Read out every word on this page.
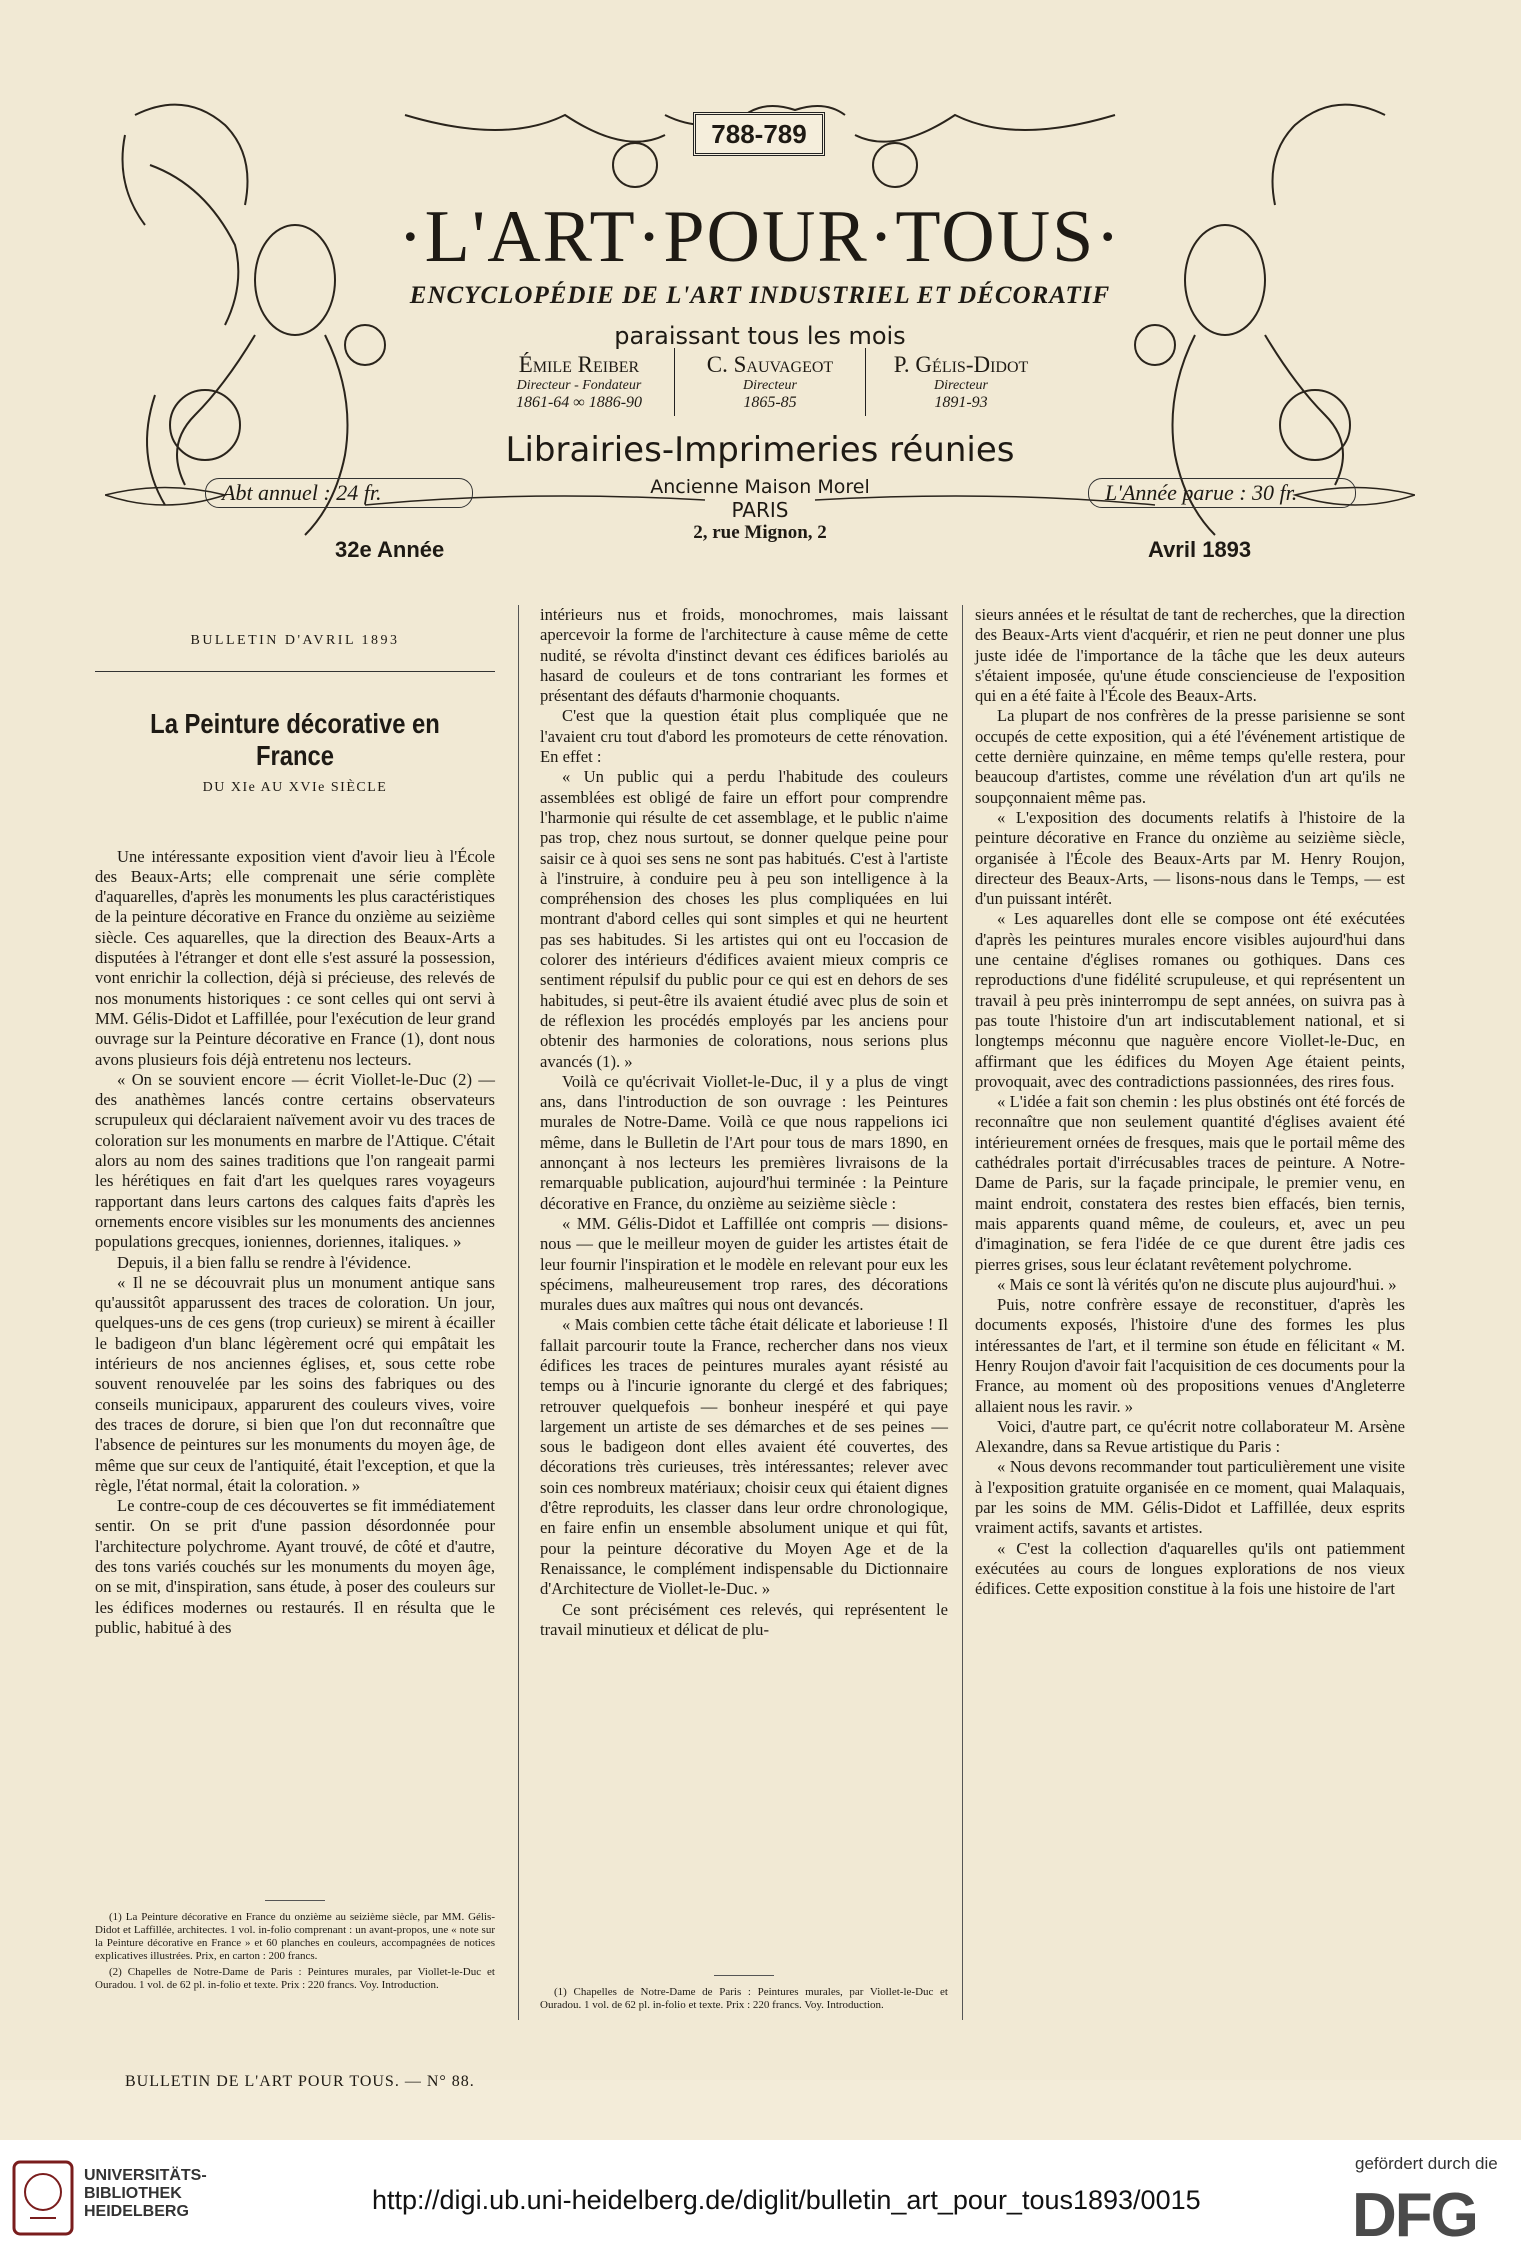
788-789
·L'ART·POUR·TOUS·
ENCYCLOPÉDIE DE L'ART INDUSTRIEL ET DÉCORATIF
paraissant tous les mois
Émile Reiber
Directeur - Fondateur
1861-64 ∞ 1886-90
C. Sauvageot
Directeur
1865-85
P. Gélis-Didot
Directeur
1891-93
Librairies-Imprimeries réunies
Ancienne Maison Morel
PARIS
2, rue Mignon, 2
Abt annuel : 24 fr.	L'Année parue : 30 fr.
32e Année	Avril 1893
BULLETIN D'AVRIL 1893
La Peinture décorative en France
DU XIe AU XVIe SIÈCLE

Une intéressante exposition vient d'avoir lieu à l'École des Beaux-Arts; elle comprenait une série complète d'aquarelles, d'après les monuments les plus caractéristiques de la peinture décorative en France du onzième au seizième siècle. Ces aquarelles, que la direction des Beaux-Arts a disputées à l'étranger et dont elle s'est assuré la possession, vont enrichir la collection, déjà si précieuse, des relevés de nos monuments historiques : ce sont celles qui ont servi à MM. Gélis-Didot et Laffillée, pour l'exécution de leur grand ouvrage sur la Peinture décorative en France (1), dont nous avons plusieurs fois déjà entretenu nos lecteurs.

« On se souvient encore — écrit Viollet-le-Duc (2) — des anathèmes lancés contre certains observateurs scrupuleux qui déclaraient naïvement avoir vu des traces de coloration sur les monuments en marbre de l'Attique. C'était alors au nom des saines traditions que l'on rangeait parmi les hérétiques en fait d'art les quelques rares voyageurs rapportant dans leurs cartons des calques faits d'après les ornements encore visibles sur les monuments des anciennes populations grecques, ioniennes, doriennes, italiques. »

Depuis, il a bien fallu se rendre à l'évidence.

« Il ne se découvrait plus un monument antique sans qu'aussitôt apparussent des traces de coloration. Un jour, quelques-uns de ces gens (trop curieux) se mirent à écailler le badigeon d'un blanc légèrement ocré qui empâtait les intérieurs de nos anciennes églises, et, sous cette robe souvent renouvelée par les soins des fabriques ou des conseils municipaux, apparurent des couleurs vives, voire des traces de dorure, si bien que l'on dut reconnaître que l'absence de peintures sur les monuments du moyen âge, de même que sur ceux de l'antiquité, était l'exception, et que la règle, l'état normal, était la coloration. »

Le contre-coup de ces découvertes se fit immédiatement sentir. On se prit d'une passion désordonnée pour l'architecture polychrome. Ayant trouvé, de côté et d'autre, des tons variés couchés sur les monuments du moyen âge, on se mit, d'inspiration, sans étude, à poser des couleurs sur les édifices modernes ou restaurés. Il en résulta que le public, habitué à des

(1) La Peinture décorative en France du onzième au seizième siècle, par MM. Gélis-Didot et Laffillée, architectes. 1 vol. in-folio comprenant : un avant-propos, une « note sur la Peinture décorative en France » et 60 planches en couleurs, accompagnées de notices explicatives illustrées. Prix, en carton : 200 francs.

(2) Chapelles de Notre-Dame de Paris : Peintures murales, par Viollet-le-Duc et Ouradou. 1 vol. de 62 pl. in-folio et texte. Prix : 220 francs. Voy. Introduction.

intérieurs nus et froids, monochromes, mais laissant apercevoir la forme de l'architecture à cause même de cette nudité, se révolta d'instinct devant ces édifices bariolés au hasard de couleurs et de tons contrariant les formes et présentant des défauts d'harmonie choquants.

C'est que la question était plus compliquée que ne l'avaient cru tout d'abord les promoteurs de cette rénovation. En effet :

« Un public qui a perdu l'habitude des couleurs assemblées est obligé de faire un effort pour comprendre l'harmonie qui résulte de cet assemblage, et le public n'aime pas trop, chez nous surtout, se donner quelque peine pour saisir ce à quoi ses sens ne sont pas habitués. C'est à l'artiste à l'instruire, à conduire peu à peu son intelligence à la compréhension des choses les plus compliquées en lui montrant d'abord celles qui sont simples et qui ne heurtent pas ses habitudes. Si les artistes qui ont eu l'occasion de colorer des intérieurs d'édifices avaient mieux compris ce sentiment répulsif du public pour ce qui est en dehors de ses habitudes, si peut-être ils avaient étudié avec plus de soin et de réflexion les procédés employés par les anciens pour obtenir des harmonies de colorations, nous serions plus avancés (1). »

Voilà ce qu'écrivait Viollet-le-Duc, il y a plus de vingt ans, dans l'introduction de son ouvrage : les Peintures murales de Notre-Dame. Voilà ce que nous rappelions ici même, dans le Bulletin de l'Art pour tous de mars 1890, en annonçant à nos lecteurs les premières livraisons de la remarquable publication, aujourd'hui terminée : la Peinture décorative en France, du onzième au seizième siècle :

« MM. Gélis-Didot et Laffillée ont compris — disions-nous — que le meilleur moyen de guider les artistes était de leur fournir l'inspiration et le modèle en relevant pour eux les spécimens, malheureusement trop rares, des décorations murales dues aux maîtres qui nous ont devancés.

« Mais combien cette tâche était délicate et laborieuse ! Il fallait parcourir toute la France, rechercher dans nos vieux édifices les traces de peintures murales ayant résisté au temps ou à l'incurie ignorante du clergé et des fabriques; retrouver quelquefois — bonheur inespéré et qui paye largement un artiste de ses démarches et de ses peines — sous le badigeon dont elles avaient été couvertes, des décorations très curieuses, très intéressantes; relever avec soin ces nombreux matériaux; choisir ceux qui étaient dignes d'être reproduits, les classer dans leur ordre chronologique, en faire enfin un ensemble absolument unique et qui fût, pour la peinture décorative du Moyen Age et de la Renaissance, le complément indispensable du Dictionnaire d'Architecture de Viollet-le-Duc. »

Ce sont précisément ces relevés, qui représentent le travail minutieux et délicat de plu-

(1) Chapelles de Notre-Dame de Paris : Peintures murales, par Viollet-le-Duc et Ouradou. 1 vol. de 62 pl. in-folio et texte. Prix : 220 francs. Voy. Introduction.

sieurs années et le résultat de tant de recherches, que la direction des Beaux-Arts vient d'acquérir, et rien ne peut donner une plus juste idée de l'importance de la tâche que les deux auteurs s'étaient imposée, qu'une étude consciencieuse de l'exposition qui en a été faite à l'École des Beaux-Arts.

La plupart de nos confrères de la presse parisienne se sont occupés de cette exposition, qui a été l'événement artistique de cette dernière quinzaine, en même temps qu'elle restera, pour beaucoup d'artistes, comme une révélation d'un art qu'ils ne soupçonnaient même pas.

« L'exposition des documents relatifs à l'histoire de la peinture décorative en France du onzième au seizième siècle, organisée à l'École des Beaux-Arts par M. Henry Roujon, directeur des Beaux-Arts, — lisons-nous dans le Temps, — est d'un puissant intérêt.

« Les aquarelles dont elle se compose ont été exécutées d'après les peintures murales encore visibles aujourd'hui dans une centaine d'églises romanes ou gothiques. Dans ces reproductions d'une fidélité scrupuleuse, et qui représentent un travail à peu près ininterrompu de sept années, on suivra pas à pas toute l'histoire d'un art indiscutablement national, et si longtemps méconnu que naguère encore Viollet-le-Duc, en affirmant que les édifices du Moyen Age étaient peints, provoquait, avec des contradictions passionnées, des rires fous.

« L'idée a fait son chemin : les plus obstinés ont été forcés de reconnaître que non seulement quantité d'églises avaient été intérieurement ornées de fresques, mais que le portail même des cathédrales portait d'irrécusables traces de peinture. A Notre-Dame de Paris, sur la façade principale, le premier venu, en maint endroit, constatera des restes bien effacés, bien ternis, mais apparents quand même, de couleurs, et, avec un peu d'imagination, se fera l'idée de ce que durent être jadis ces pierres grises, sous leur éclatant revêtement polychrome.

« Mais ce sont là vérités qu'on ne discute plus aujourd'hui. »

Puis, notre confrère essaye de reconstituer, d'après les documents exposés, l'histoire d'une des formes les plus intéressantes de l'art, et il termine son étude en félicitant « M. Henry Roujon d'avoir fait l'acquisition de ces documents pour la France, au moment où des propositions venues d'Angleterre allaient nous les ravir. »

Voici, d'autre part, ce qu'écrit notre collaborateur M. Arsène Alexandre, dans sa Revue artistique du Paris :

« Nous devons recommander tout particulièrement une visite à l'exposition gratuite organisée en ce moment, quai Malaquais, par les soins de MM. Gélis-Didot et Laffillée, deux esprits vraiment actifs, savants et artistes.

« C'est la collection d'aquarelles qu'ils ont patiemment exécutées au cours de longues explorations de nos vieux édifices. Cette exposition constitue à la fois une histoire de l'art

BULLETIN DE L'ART POUR TOUS. — N° 88.
UNIVERSITÄTS-
BIBLIOTHEK
HEIDELBERG	http://digi.ub.uni-heidelberg.de/diglit/bulletin_art_pour_tous1893/0015
gefördert durch die
DFG
